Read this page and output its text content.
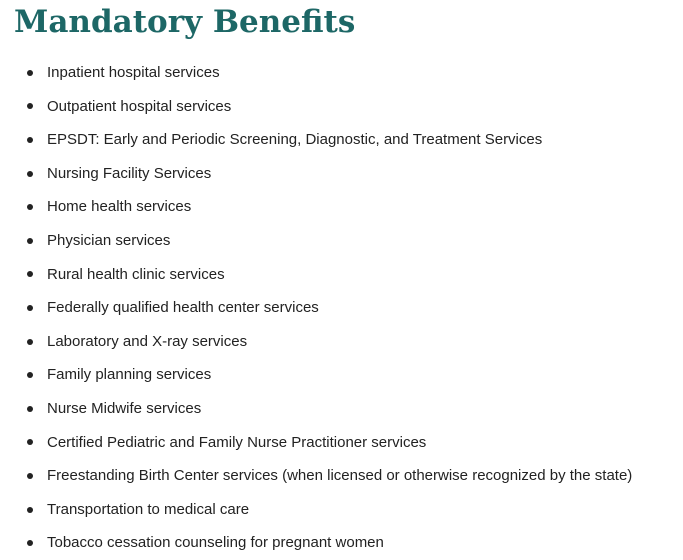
Mandatory Benefits
Inpatient hospital services
Outpatient hospital services
EPSDT: Early and Periodic Screening, Diagnostic, and Treatment Services
Nursing Facility Services
Home health services
Physician services
Rural health clinic services
Federally qualified health center services
Laboratory and X-ray services
Family planning services
Nurse Midwife services
Certified Pediatric and Family Nurse Practitioner services
Freestanding Birth Center services (when licensed or otherwise recognized by the state)
Transportation to medical care
Tobacco cessation counseling for pregnant women
